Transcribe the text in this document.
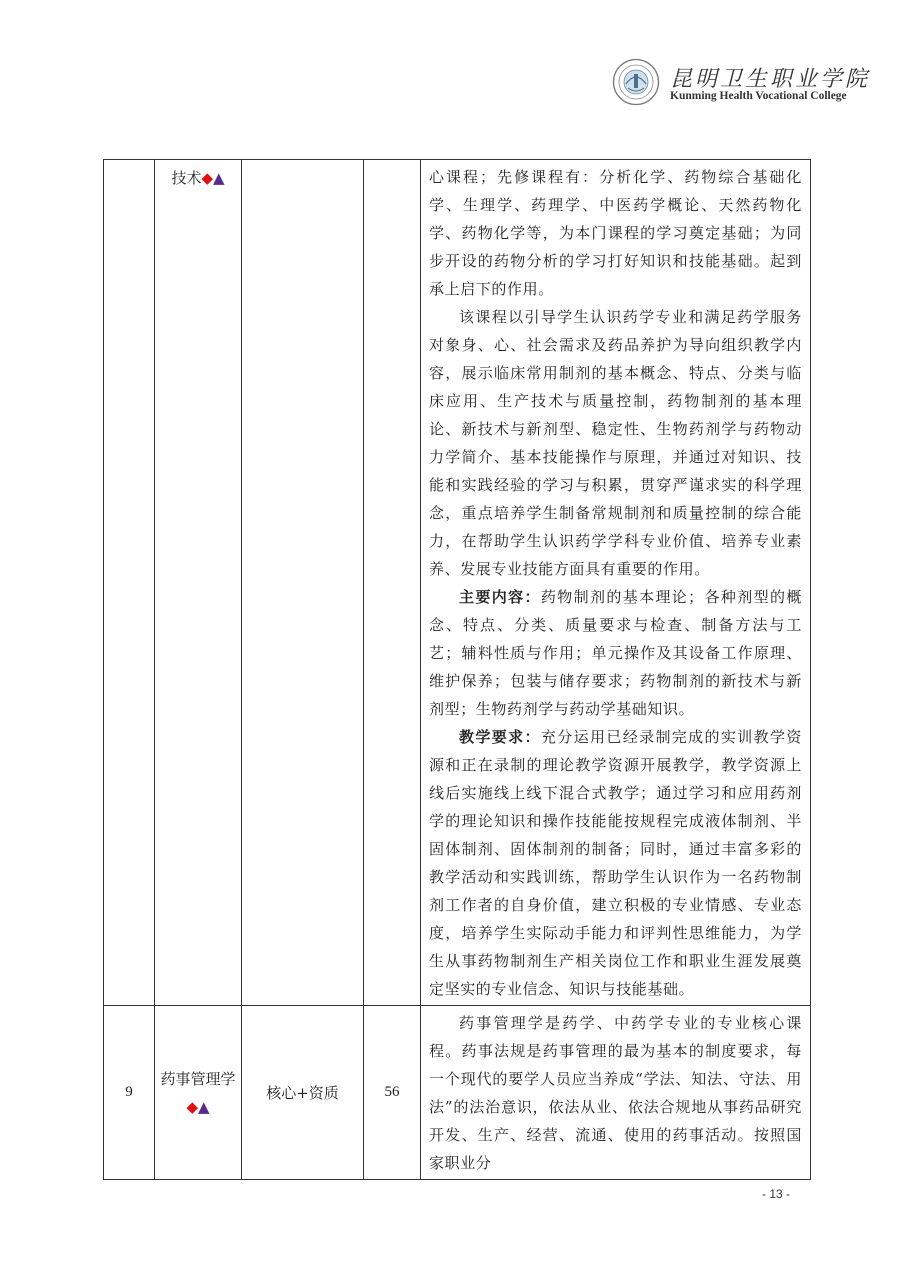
昆明卫生职业学院
Kunming Health Vocational College
	技术◆▲			心课程；先修课程有：分析化学、药物综合基础化学、生理学、药理学、中医药学概论、天然药物化学、药物化学等，为本门课程的学习奠定基础；为同步开设的药物分析的学习打好知识和技能基础。起到承上启下的作用。

该课程以引导学生认识药学专业和满足药学服务对象身、心、社会需求及药品养护为导向组织教学内容，展示临床常用制剂的基本概念、特点、分类与临床应用、生产技术与质量控制，药物制剂的基本理论、新技术与新剂型、稳定性、生物药剂学与药物动力学简介、基本技能操作与原理，并通过对知识、技能和实践经验的学习与积累，贯穿严谨求实的科学理念，重点培养学生制备常规制剂和质量控制的综合能力，在帮助学生认识药学学科专业价值、培养专业素养、发展专业技能方面具有重要的作用。

主要内容：药物制剂的基本理论；各种剂型的概念、特点、分类、质量要求与检查、制备方法与工艺；辅料性质与作用；单元操作及其设备工作原理、维护保养；包装与储存要求；药物制剂的新技术与新剂型；生物药剂学与药动学基础知识。

教学要求：充分运用已经录制完成的实训教学资源和正在录制的理论教学资源开展教学，教学资源上线后实施线上线下混合式教学；通过学习和应用药剂学的理论知识和操作技能能按规程完成液体制剂、半固体制剂、固体制剂的制备；同时，通过丰富多彩的教学活动和实践训练，帮助学生认识作为一名药物制剂工作者的自身价值，建立积极的专业情感、专业态度，培养学生实际动手能力和评判性思维能力，为学生从事药物制剂生产相关岗位工作和职业生涯发展奠定坚实的专业信念、知识与技能基础。

9	药事管理学◆▲	核心+资质	56	药事管理学是药学、中药学专业的专业核心课程。药事法规是药事管理的最为基本的制度要求，每一个现代的要学人员应当养成“学法、知法、守法、用法”的法治意识，依法从业、依法合规地从事药品研究开发、生产、经营、流通、使用的药事活动。按照国家职业分

- 13 -
